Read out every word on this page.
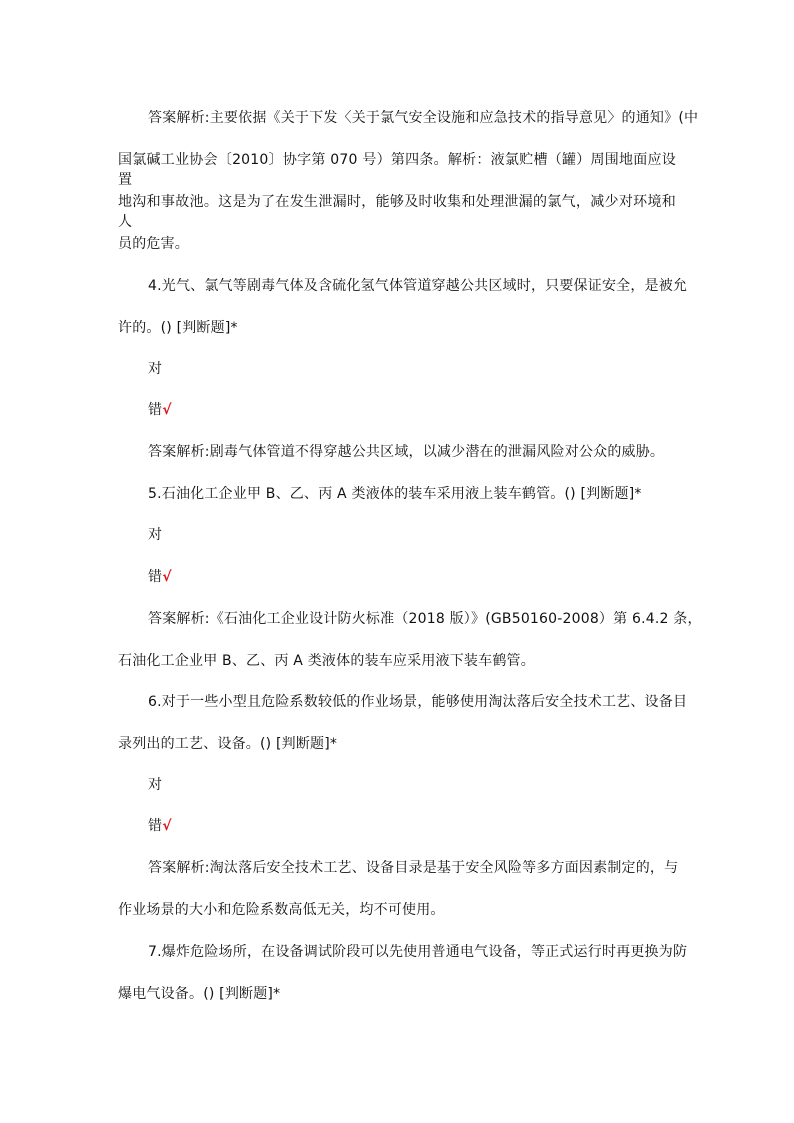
答案解析:主要依据《关于下发〈关于氯气安全设施和应急技术的指导意见〉的通知》(中
国氯碱工业协会〔2010〕协字第 070 号）第四条。解析：液氯贮槽（罐）周围地面应设置
地沟和事故池。这是为了在发生泄漏时，能够及时收集和处理泄漏的氯气，减少对环境和人
员的危害。
4.光气、氯气等剧毒气体及含硫化氢气体管道穿越公共区域时，只要保证安全，是被允
许的。() [判断题]*
对
错√
答案解析:剧毒气体管道不得穿越公共区域，以减少潜在的泄漏风险对公众的威胁。
5.石油化工企业甲 B、乙、丙 A 类液体的装车采用液上装车鹤管。() [判断题]*
对
错√
答案解析:《石油化工企业设计防火标准（2018 版）》(GB50160-2008）第 6.4.2 条，
石油化工企业甲 B、乙、丙 A 类液体的装车应采用液下装车鹤管。
6.对于一些小型且危险系数较低的作业场景，能够使用淘汰落后安全技术工艺、设备目
录列出的工艺、设备。() [判断题]*
对
错√
答案解析:淘汰落后安全技术工艺、设备目录是基于安全风险等多方面因素制定的，与
作业场景的大小和危险系数高低无关，均不可使用。
7.爆炸危险场所，在设备调试阶段可以先使用普通电气设备，等正式运行时再更换为防
爆电气设备。() [判断题]*
